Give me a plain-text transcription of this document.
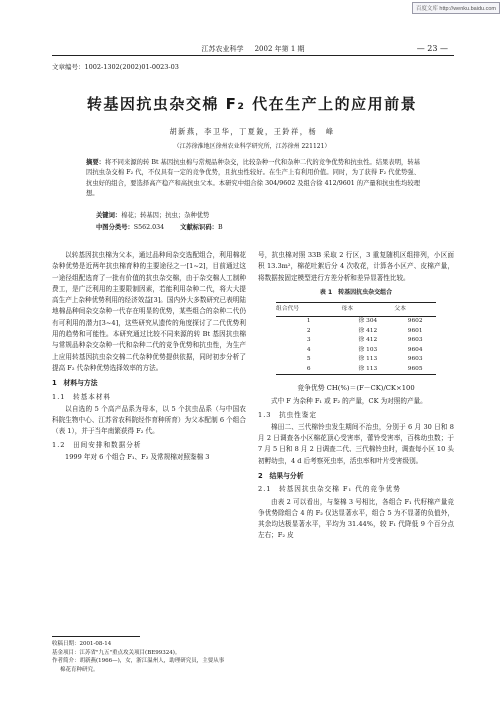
百度文库 http://wenku.baidu.com
江苏农业科学 2002 年第 1 期	— 23 —
文章编号：1002-1302(2002)01-0023-03
转基因抗虫杂交棉 F₂ 代在生产上的应用前景
胡新燕，李卫华，丁夏銳，王鈴祥，杨　峰
（江苏徐淮地区徐州农业科学研究所，江苏徐州 221121）
摘要：将不同来源的转 Bt 基因抗虫棉与常规品种杂交，比较杂种一代和杂种二代的竞争优势和抗虫性。结果表明，转基因抗虫杂交棉 F₂ 代，不仅具有一定的竞争优势，且抗虫性较好。在生产上有利用价值。同时，为了获得 F₂ 代优势强、抗虫好的组合，要选择高产稳产和高抗虫父本。本研究中组合徐 304/9602 及组合徐 412/9601 的产量和抗虫性均较理想。
关键词：棉花；转基因；抗虫；杂种优势
中图分类号：S562.034	文献标识码：B

以转基因抗虫棉为父本，通过品种间杂交选配组合，利用棉花杂种优势是近两年抗虫棉育种的主要途径之一[1~2]，目前通过这一途径组配选育了一批有价值的抗虫杂交棉，由于杂交棉人工制种费工，是广泛利用的主要限制因素，若能利用杂种二代，将大大提高生产上杂种优势利用的经济效益[3]。国内外大多数研究已表明陆地棉品种间杂交杂种一代存在明显的优势，某些组合的杂种二代仍有可利用的潜力[3~4]，这些研究从遗传的角度探讨了二代优势利用的趋势和可能性。本研究通过比较不同来源的转 Bt 基因抗虫棉与常规品种杂交杂种一代和杂种二代的竞争优势和抗虫性，为生产上应用转基因抗虫杂交棉二代杂种优势提供依据，同时初步分析了提高 F₂ 代杂种优势选择效率的方法。

1　材料与方法
1.1　转基本材料

以自选的 5 个高产品系为母本，以 5 个抗虫品系（与中国农科院生物中心、江苏省农科院经作育种所育）为父本配制 6 个组合（表 1），并于当年南繁获得 F₂ 代。

1.2　田间安排和数据分析

1999 年对 6 个组合 F₁、F₂ 及常规棉对照鉴棉 3

号，抗虫棉对照 33B 采取 2 行区，3 重复随机区组排列，小区面积 13.3m²，棉花吐絮后分 4 次收花，计算各小区产、皮棉产量，将数据按固定模型进行方差分析和差异显著性比较。

表 1　转基因抗虫杂交组合
组合代号	母本	父本
1	徐 304	9602
2	徐 412	9601
3	徐 412	9603
4	徐 103	9604
5	徐 113	9603
6	徐 113	9605
竞争优势 CH(%)＝(F－CK)/CK×100

式中 F 为杂种 F₁ 或 F₂ 的产量，CK 为对照的产量。

1.3　抗虫性鉴定

棉田二、三代棉铃虫发生期间不治虫，分别于 6 月 30 日和 8 月 2 日调查各小区棉花顶心受害率，蕾铃受害率，百株幼虫数；于 7 月 5 日和 8 月 2 日调查二代、三代棉铃虫时，调查每小区 10 头初孵幼虫，4 d 后考察死虫率，活虫率和叶片受害级别。

2　结果与分析
2.1　转基因抗虫杂交棉 F₁ 代的竞争优势

由表 2 可以看出，与鉴棉 3 号相比，各组合 F₁ 代籽棉产量竞争优势除组合 4 的 F₂ 仅达显著水平，组合 5 为不显著的负值外，其余均达极显著水平，平均为 31.44%，较 F₁ 代降低 9 个百分点左右；F₂ 皮

收稿日期：2001-08-14
基金项目：江苏省"九五"重点攻关项目(BE99324)。
作者简介：胡新燕(1966—)，女，浙江温州人，助理研究员，主要从事
棉花育种研究。
